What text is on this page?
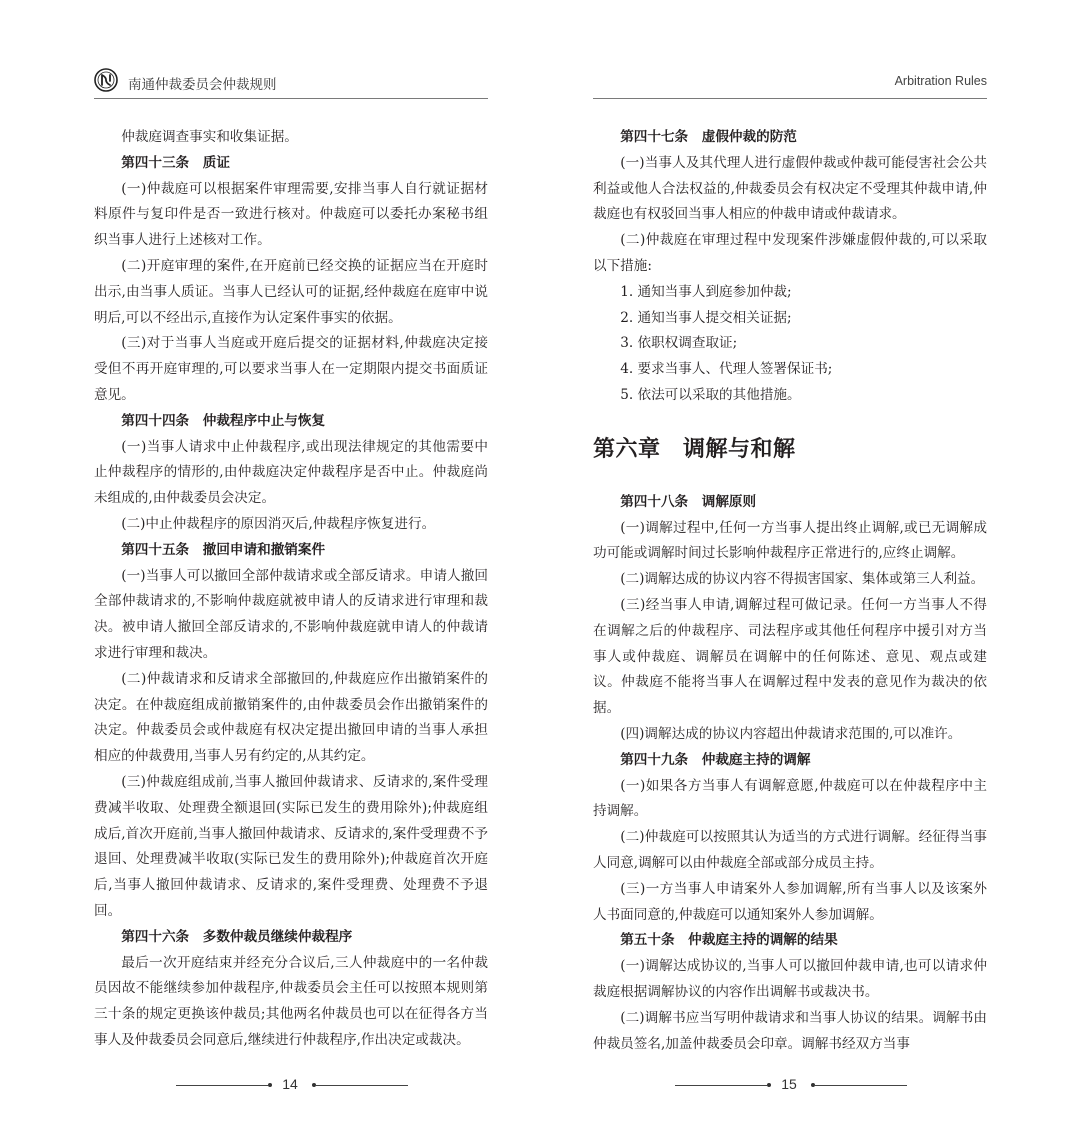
南通仲裁委员会仲裁规则

仲裁庭调查事实和收集证据。

第四十三条　质证

(一)仲裁庭可以根据案件审理需要,安排当事人自行就证据材料原件与复印件是否一致进行核对。仲裁庭可以委托办案秘书组织当事人进行上述核对工作。

(二)开庭审理的案件,在开庭前已经交换的证据应当在开庭时出示,由当事人质证。当事人已经认可的证据,经仲裁庭在庭审中说明后,可以不经出示,直接作为认定案件事实的依据。

(三)对于当事人当庭或开庭后提交的证据材料,仲裁庭决定接受但不再开庭审理的,可以要求当事人在一定期限内提交书面质证意见。

第四十四条　仲裁程序中止与恢复

(一)当事人请求中止仲裁程序,或出现法律规定的其他需要中止仲裁程序的情形的,由仲裁庭决定仲裁程序是否中止。仲裁庭尚未组成的,由仲裁委员会决定。

(二)中止仲裁程序的原因消灭后,仲裁程序恢复进行。

第四十五条　撤回申请和撤销案件

(一)当事人可以撤回全部仲裁请求或全部反请求。申请人撤回全部仲裁请求的,不影响仲裁庭就被申请人的反请求进行审理和裁决。被申请人撤回全部反请求的,不影响仲裁庭就申请人的仲裁请求进行审理和裁决。

(二)仲裁请求和反请求全部撤回的,仲裁庭应作出撤销案件的决定。在仲裁庭组成前撤销案件的,由仲裁委员会作出撤销案件的决定。仲裁委员会或仲裁庭有权决定提出撤回申请的当事人承担相应的仲裁费用,当事人另有约定的,从其约定。

(三)仲裁庭组成前,当事人撤回仲裁请求、反请求的,案件受理费减半收取、处理费全额退回(实际已发生的费用除外);仲裁庭组成后,首次开庭前,当事人撤回仲裁请求、反请求的,案件受理费不予退回、处理费减半收取(实际已发生的费用除外);仲裁庭首次开庭后,当事人撤回仲裁请求、反请求的,案件受理费、处理费不予退回。

第四十六条　多数仲裁员继续仲裁程序

最后一次开庭结束并经充分合议后,三人仲裁庭中的一名仲裁员因故不能继续参加仲裁程序,仲裁委员会主任可以按照本规则第三十条的规定更换该仲裁员;其他两名仲裁员也可以在征得各方当事人及仲裁委员会同意后,继续进行仲裁程序,作出决定或裁决。

14
Arbitration Rules

第四十七条　虚假仲裁的防范

(一)当事人及其代理人进行虚假仲裁或仲裁可能侵害社会公共利益或他人合法权益的,仲裁委员会有权决定不受理其仲裁申请,仲裁庭也有权驳回当事人相应的仲裁申请或仲裁请求。

(二)仲裁庭在审理过程中发现案件涉嫌虚假仲裁的,可以采取以下措施:

1. 通知当事人到庭参加仲裁;

2. 通知当事人提交相关证据;

3. 依职权调查取证;

4. 要求当事人、代理人签署保证书;

5. 依法可以采取的其他措施。

第六章　调解与和解

第四十八条　调解原则

(一)调解过程中,任何一方当事人提出终止调解,或已无调解成功可能或调解时间过长影响仲裁程序正常进行的,应终止调解。

(二)调解达成的协议内容不得损害国家、集体或第三人利益。

(三)经当事人申请,调解过程可做记录。任何一方当事人不得在调解之后的仲裁程序、司法程序或其他任何程序中援引对方当事人或仲裁庭、调解员在调解中的任何陈述、意见、观点或建议。仲裁庭不能将当事人在调解过程中发表的意见作为裁决的依据。

(四)调解达成的协议内容超出仲裁请求范围的,可以准许。

第四十九条　仲裁庭主持的调解

(一)如果各方当事人有调解意愿,仲裁庭可以在仲裁程序中主持调解。

(二)仲裁庭可以按照其认为适当的方式进行调解。经征得当事人同意,调解可以由仲裁庭全部或部分成员主持。

(三)一方当事人申请案外人参加调解,所有当事人以及该案外人书面同意的,仲裁庭可以通知案外人参加调解。

第五十条　仲裁庭主持的调解的结果

(一)调解达成协议的,当事人可以撤回仲裁申请,也可以请求仲裁庭根据调解协议的内容作出调解书或裁决书。

(二)调解书应当写明仲裁请求和当事人协议的结果。调解书由仲裁员签名,加盖仲裁委员会印章。调解书经双方当事

15
